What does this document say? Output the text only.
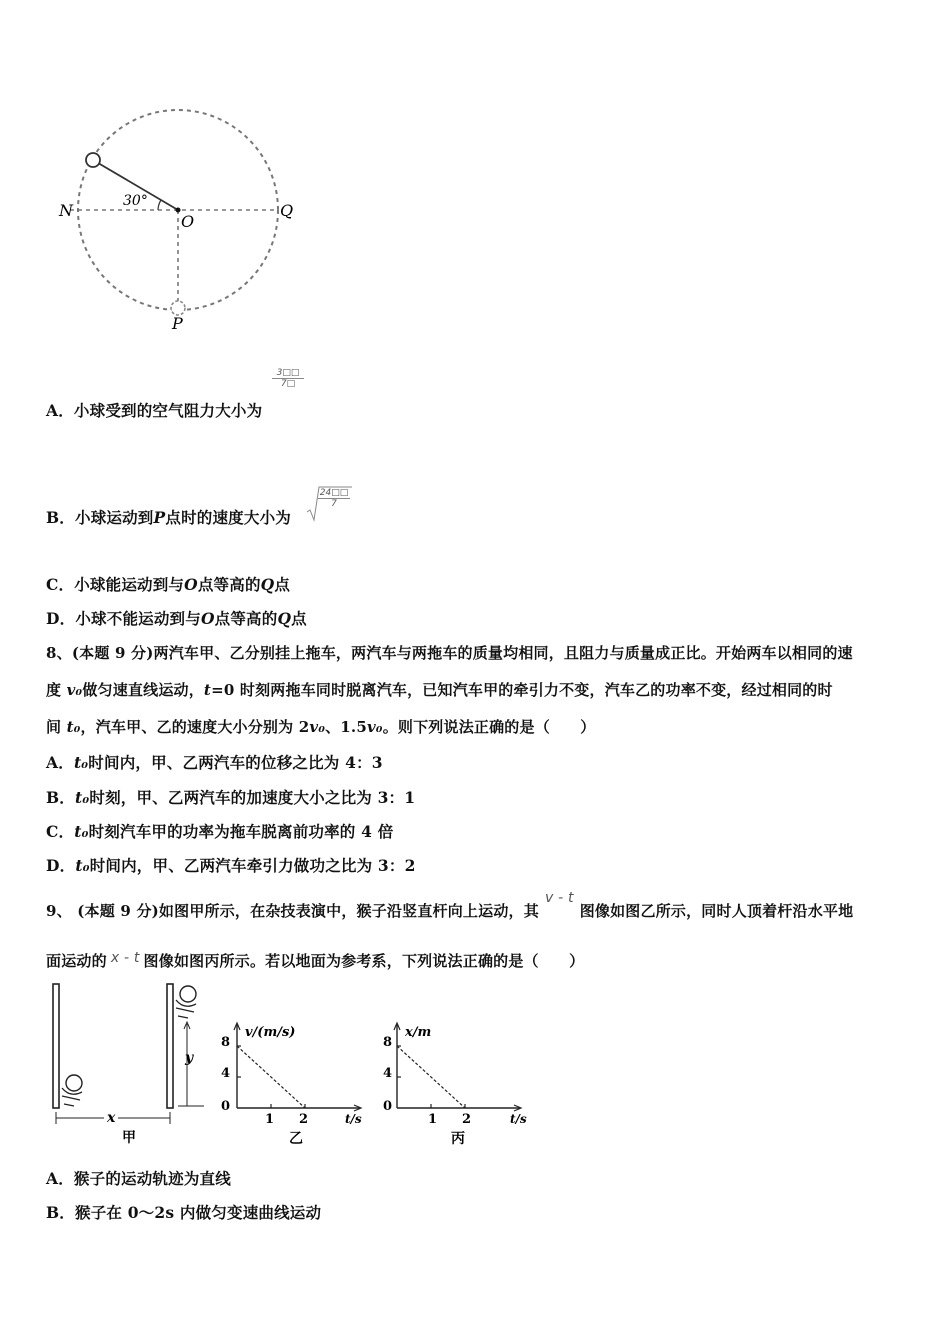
30°
N
O
Q
P
$\frac{3□□}{7□}$
A．小球受到的空气阻力大小为
B．小球运动到P点时的速度大小为
$\frac{24□□}{7}$
C．小球能运动到与O点等高的Q点
D．小球不能运动到与O点等高的Q点
8、(本题 9 分)两汽车甲、乙分别挂上拖车，两汽车与两拖车的质量均相同，且阻力与质量成正比。开始两车以相同的速
度 v₀做匀速直线运动，t=0 时刻两拖车同时脱离汽车，已知汽车甲的牵引力不变，汽车乙的功率不变，经过相同的时
间 t₀，汽车甲、乙的速度大小分别为 2v₀、1.5v₀。则下列说法正确的是（　　）
A．t₀时间内，甲、乙两汽车的位移之比为 4：3
B．t₀时刻，甲、乙两汽车的加速度大小之比为 3：1
C．t₀时刻汽车甲的功率为拖车脱离前功率的 4 倍
D．t₀时间内，甲、乙两汽车牵引力做功之比为 3：2
9、 (本题 9 分)如图甲所示，在杂技表演中，猴子沿竖直杆向上运动，其v - t图像如图乙所示，同时人顶着杆沿水平地
面运动的 x - t 图像如图丙所示。若以地面为参考系，下列说法正确的是（　　）
y
x
甲
v/(m/s)
t/s
8
4
0
1 2
乙
x/m
t/s
8
4
0
1 2
丙
A．猴子的运动轨迹为直线
B．猴子在 0～2s 内做匀变速曲线运动
